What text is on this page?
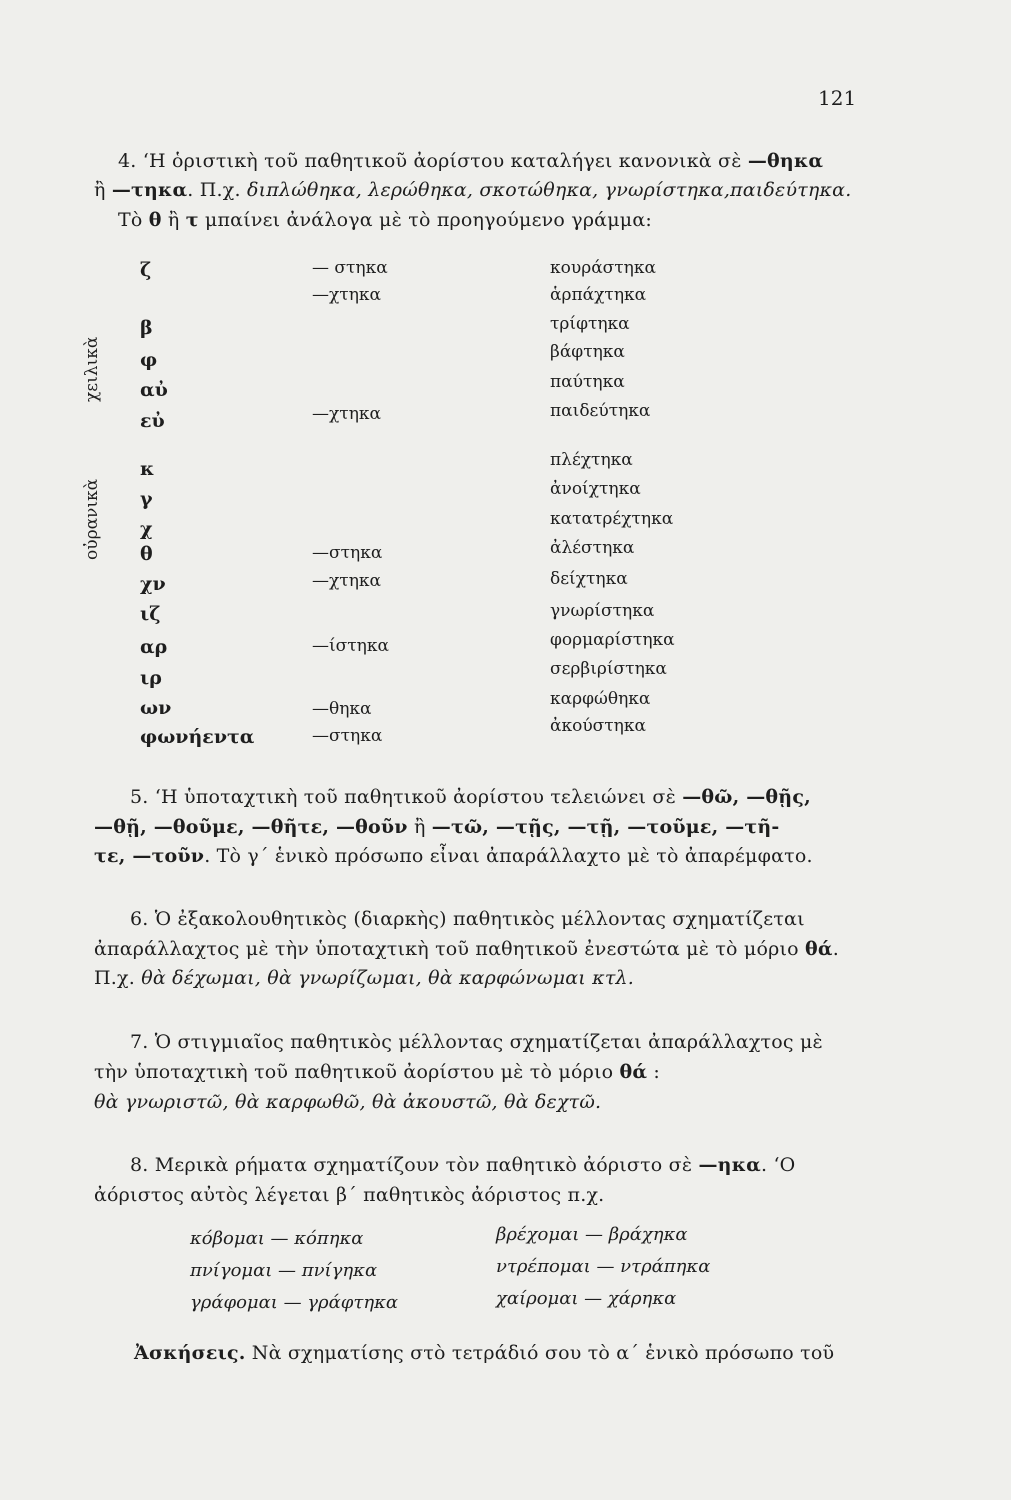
121
4. ‘Η ὁριστικὴ τοῦ παθητικοῦ ἀορίστου καταλήγει κανονικὰ σὲ —θηκα
ἢ —τηκα. Π.χ. διπλώθηκα, λερώθηκα, σκοτώθηκα, γνωρίστηκα,παιδεύτηκα.
Τὸ θ ἢ τ μπαίνει ἀνάλογα μὲ τὸ προηγούμενο γράμμα:
χειλικὰ
οὐρανικὰ
ζ
β
φ
αὐ
εὐ
κ
γ
χ
θ
χν
ιζ
αρ
ιρ
ων
φωνήεντα
— στηκα
—χτηκα
—χτηκα
—στηκα
—χτηκα
—ίστηκα
—θηκα
—στηκα
κουράστηκα
ἁρπάχτηκα
τρίφτηκα
βάφτηκα
παύτηκα
παιδεύτηκα
πλέχτηκα
ἀνοίχτηκα
κατατρέχτηκα
ἀλέστηκα
δείχτηκα
γνωρίστηκα
φορμαρίστηκα
σερβιρίστηκα
καρφώθηκα
ἀκούστηκα
5. ‘Η ὑποταχτικὴ τοῦ παθητικοῦ ἀορίστου τελειώνει σὲ —θῶ, —θῇς,
—θῇ, —θοῦμε, —θῆτε, —θοῦν ἢ —τῶ, —τῇς, —τῇ, —τοῦμε, —τῆ-
τε, —τοῦν. Τὸ γ΄ ἑνικὸ πρόσωπο εἶναι ἀπαράλλαχτο μὲ τὸ ἀπαρέμφατο.
6. Ὁ ἐξακολουθητικὸς (διαρκὴς) παθητικὸς μέλλοντας σχηματίζεται
ἀπαράλλαχτος μὲ τὴν ὑποταχτικὴ τοῦ παθητικοῦ ἐνεστώτα μὲ τὸ μόριο θά.
Π.χ. θὰ δέχωμαι, θὰ γνωρίζωμαι, θὰ καρφώνωμαι κτλ.
7. Ὁ στιγμιαῖος παθητικὸς μέλλοντας σχηματίζεται ἀπαράλλαχτος μὲ
τὴν ὑποταχτικὴ τοῦ παθητικοῦ ἀορίστου μὲ τὸ μόριο θά :
θὰ γνωριστῶ, θὰ καρφωθῶ, θὰ ἀκουστῶ, θὰ δεχτῶ.
8. Μερικὰ ρήματα σχηματίζουν τὸν παθητικὸ ἀόριστο σὲ —ηκα. ‘Ο
ἀόριστος αὐτὸς λέγεται β΄ παθητικὸς ἀόριστος π.χ.
κόβομαι — κόπηκα
πνίγομαι — πνίγηκα
γράφομαι — γράφτηκα
βρέχομαι — βράχηκα
ντρέπομαι — ντράπηκα
χαίρομαι — χάρηκα
Ἀσκήσεις. Νὰ σχηματίσης στὸ τετράδιό σου τὸ α΄ ἑνικὸ πρόσωπο τοῦ
